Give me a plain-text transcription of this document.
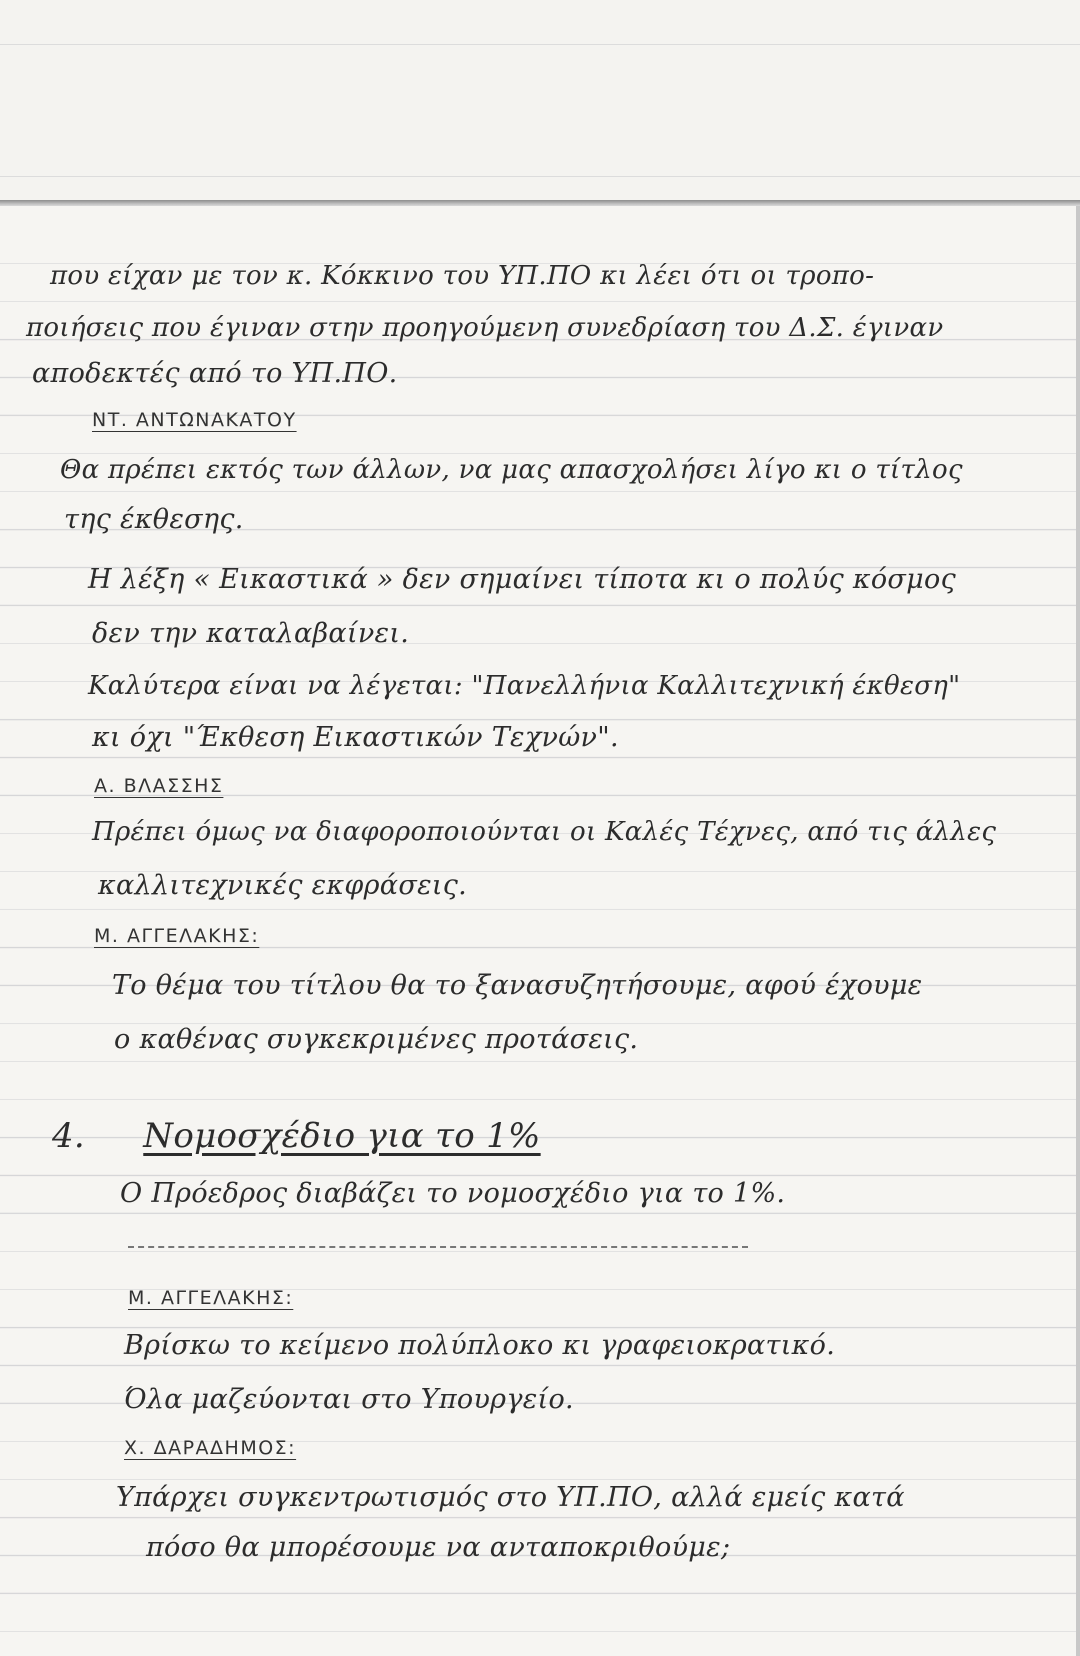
που είχαν με τον κ. Κόκκινο του ΥΠ.ΠΟ κι λέει ότι οι τροπο-
ποιήσεις που έγιναν στην προηγούμενη συνεδρίαση του Δ.Σ. έγιναν
αποδεκτές από το ΥΠ.ΠΟ.
ΝΤ. ΑΝΤΩΝΑΚΑΤΟΥ
Θα πρέπει εκτός των άλλων, να μας απασχολήσει λίγο κι ο τίτλος
της έκθεσης.
Η λέξη « Εικαστικά » δεν σημαίνει τίποτα κι ο πολύς κόσμος
δεν την καταλαβαίνει.
Καλύτερα είναι να λέγεται: "Πανελλήνια Καλλιτεχνική έκθεση"
κι όχι "Έκθεση Εικαστικών Τεχνών".
Α. ΒΛΑΣΣΗΣ
Πρέπει όμως να διαφοροποιούνται οι Καλές Τέχνες, από τις άλλες
καλλιτεχνικές εκφράσεις.
Μ. ΑΓΓΕΛΑΚΗΣ:
Το θέμα του τίτλου θα το ξανασυζητήσουμε, αφού έχουμε
ο καθένας συγκεκριμένες προτάσεις.
4. Νομοσχέδιο για το 1%
Ο Πρόεδρος διαβάζει το νομοσχέδιο για το 1%.
Μ. ΑΓΓΕΛΑΚΗΣ:
Βρίσκω το κείμενο πολύπλοκο κι γραφειοκρατικό.
Όλα μαζεύονται στο Υπουργείο.
Χ. ΔΑΡΑΔΗΜΟΣ:
Υπάρχει συγκεντρωτισμός στο ΥΠ.ΠΟ, αλλά εμείς κατά
πόσο θα μπορέσουμε να ανταποκριθούμε;
